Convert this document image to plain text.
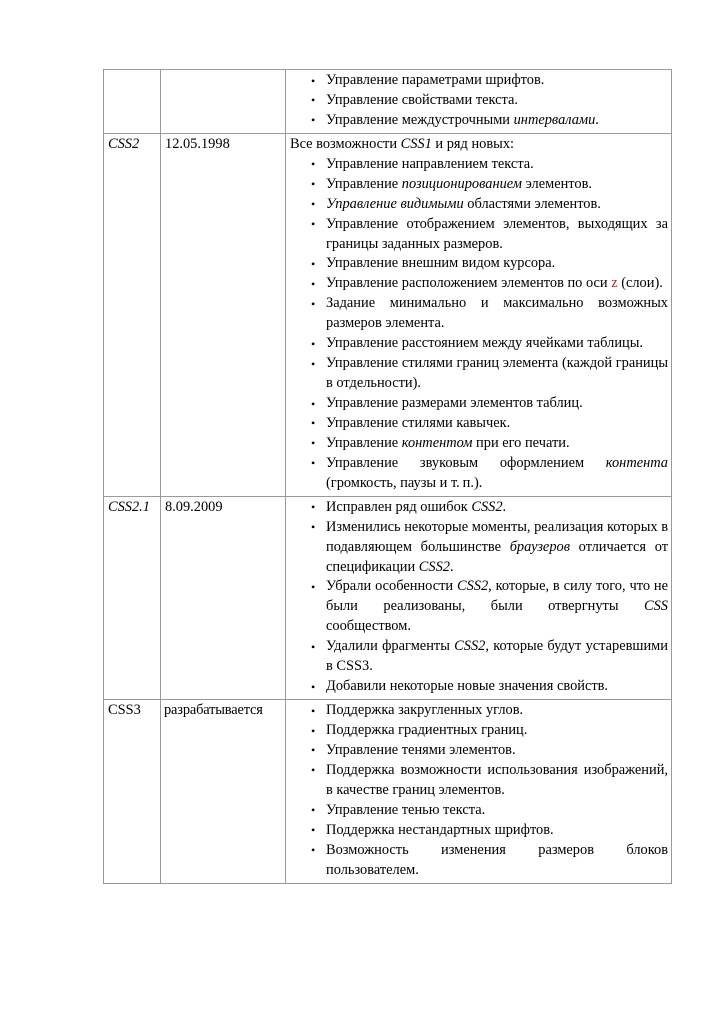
• Управление параметрами шрифтов.
• Управление свойствами текста.
• Управление междустрочными интервалами.

CSS2	12.05.1998	Все возможности CSS1 и ряд новых:
• Управление направлением текста.
• Управление позиционированием элементов.
• Управление видимыми областями элементов.
• Управление отображением элементов, выходящих за границы заданных размеров.
• Управление внешним видом курсора.
• Управление расположением элементов по оси z (слои).
• Задание минимально и максимально возможных размеров элемента.
• Управление расстоянием между ячейками таблицы.
• Управление стилями границ элемента (каждой границы в отдельности).
• Управление размерами элементов таблиц.
• Управление стилями кавычек.
• Управление контентом при его печати.
• Управление звуковым оформлением контента (громкость, паузы и т. п.).

CSS2.1	8.09.2009	
•Исправлен ряд ошибок CSS2.
• Изменились некоторые моменты, реализация которых в подавляющем большинстве браузеров отличается от спецификации CSS2.
• Убрали особенности CSS2, которые, в силу того, что не были реализованы, были отвергнуты CSS сообществом.
• Удалили фрагменты CSS2, которые будут устаревшими в CSS3.
• Добавили некоторые новые значения свойств.

CSS3	разрабатывается	
•Поддержка закругленных углов.
• Поддержка градиентных границ.
• Управление тенями элементов.
• Поддержка возможности использования изображений, в качестве границ элементов.
• Управление тенью текста.
• Поддержка нестандартных шрифтов.
• Возможность изменения размеров блоков пользователем.
